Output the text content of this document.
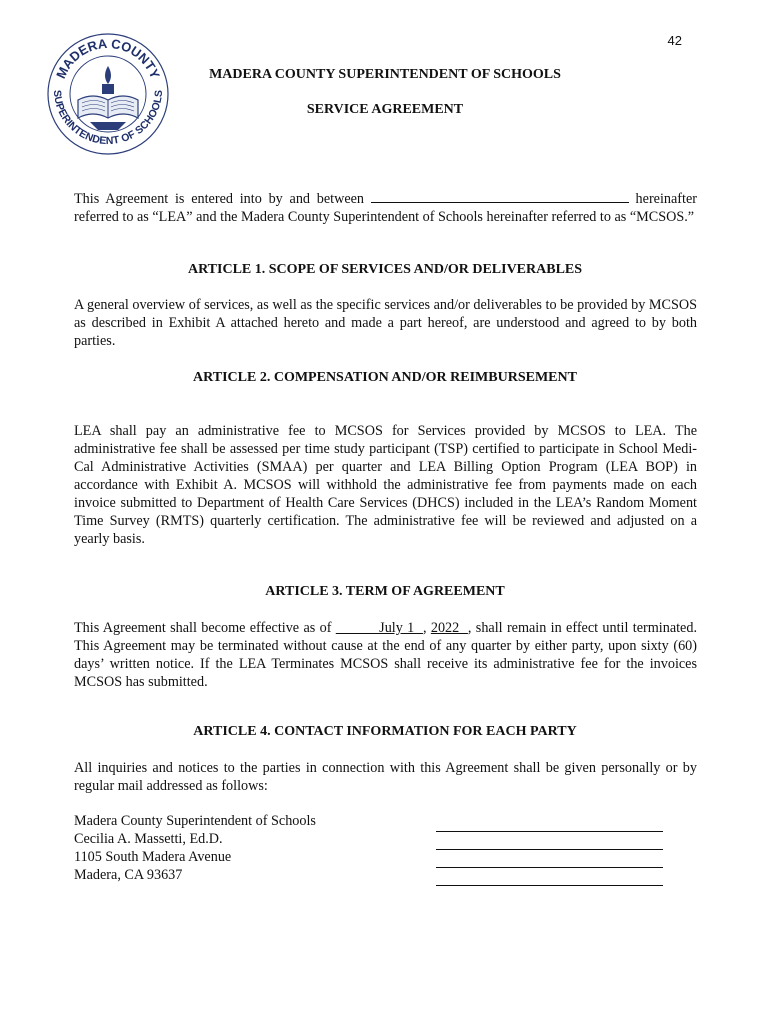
42
MADERA COUNTY
SUPERINTENDENT OF SCHOOLS
MADERA COUNTY SUPERINTENDENT OF SCHOOLS
SERVICE AGREEMENT

This Agreement is entered into by and between	hereinafter referred to as “LEA” and the Madera County Superintendent of Schools hereinafter referred to as “MCSOS.”

ARTICLE 1. SCOPE OF SERVICES AND/OR DELIVERABLES

A general overview of services, as well as the specific services and/or deliverables to be provided by MCSOS as described in Exhibit A attached hereto and made a part hereof, are understood and agreed to by both parties.

ARTICLE 2. COMPENSATION AND/OR REIMBURSEMENT

LEA shall pay an administrative fee to MCSOS for Services provided by MCSOS to LEA. The administrative fee shall be assessed per time study participant (TSP) certified to participate in School Medi-Cal Administrative Activities (SMAA) per quarter and LEA Billing Option Program (LEA BOP) in accordance with Exhibit A. MCSOS will withhold the administrative fee from payments made on each invoice submitted to Department of Health Care Services (DHCS) included in the LEA’s Random Moment Time Survey (RMTS) quarterly certification. The administrative fee will be reviewed and adjusted on a yearly basis.

ARTICLE 3. TERM OF AGREEMENT

This Agreement shall become effective as of           July 1  , 2022  , shall remain in effect until terminated. This Agreement may be terminated without cause at the end of any quarter by either party, upon sixty (60) days’ written notice. If the LEA Terminates MCSOS shall receive its administrative fee for the invoices MCSOS has submitted.

ARTICLE 4. CONTACT INFORMATION FOR EACH PARTY

All inquiries and notices to the parties in connection with this Agreement shall be given personally or by regular mail addressed as follows:

Madera County Superintendent of Schools
Cecilia A. Massetti, Ed.D.
1105 South Madera Avenue
Madera, CA 93637
